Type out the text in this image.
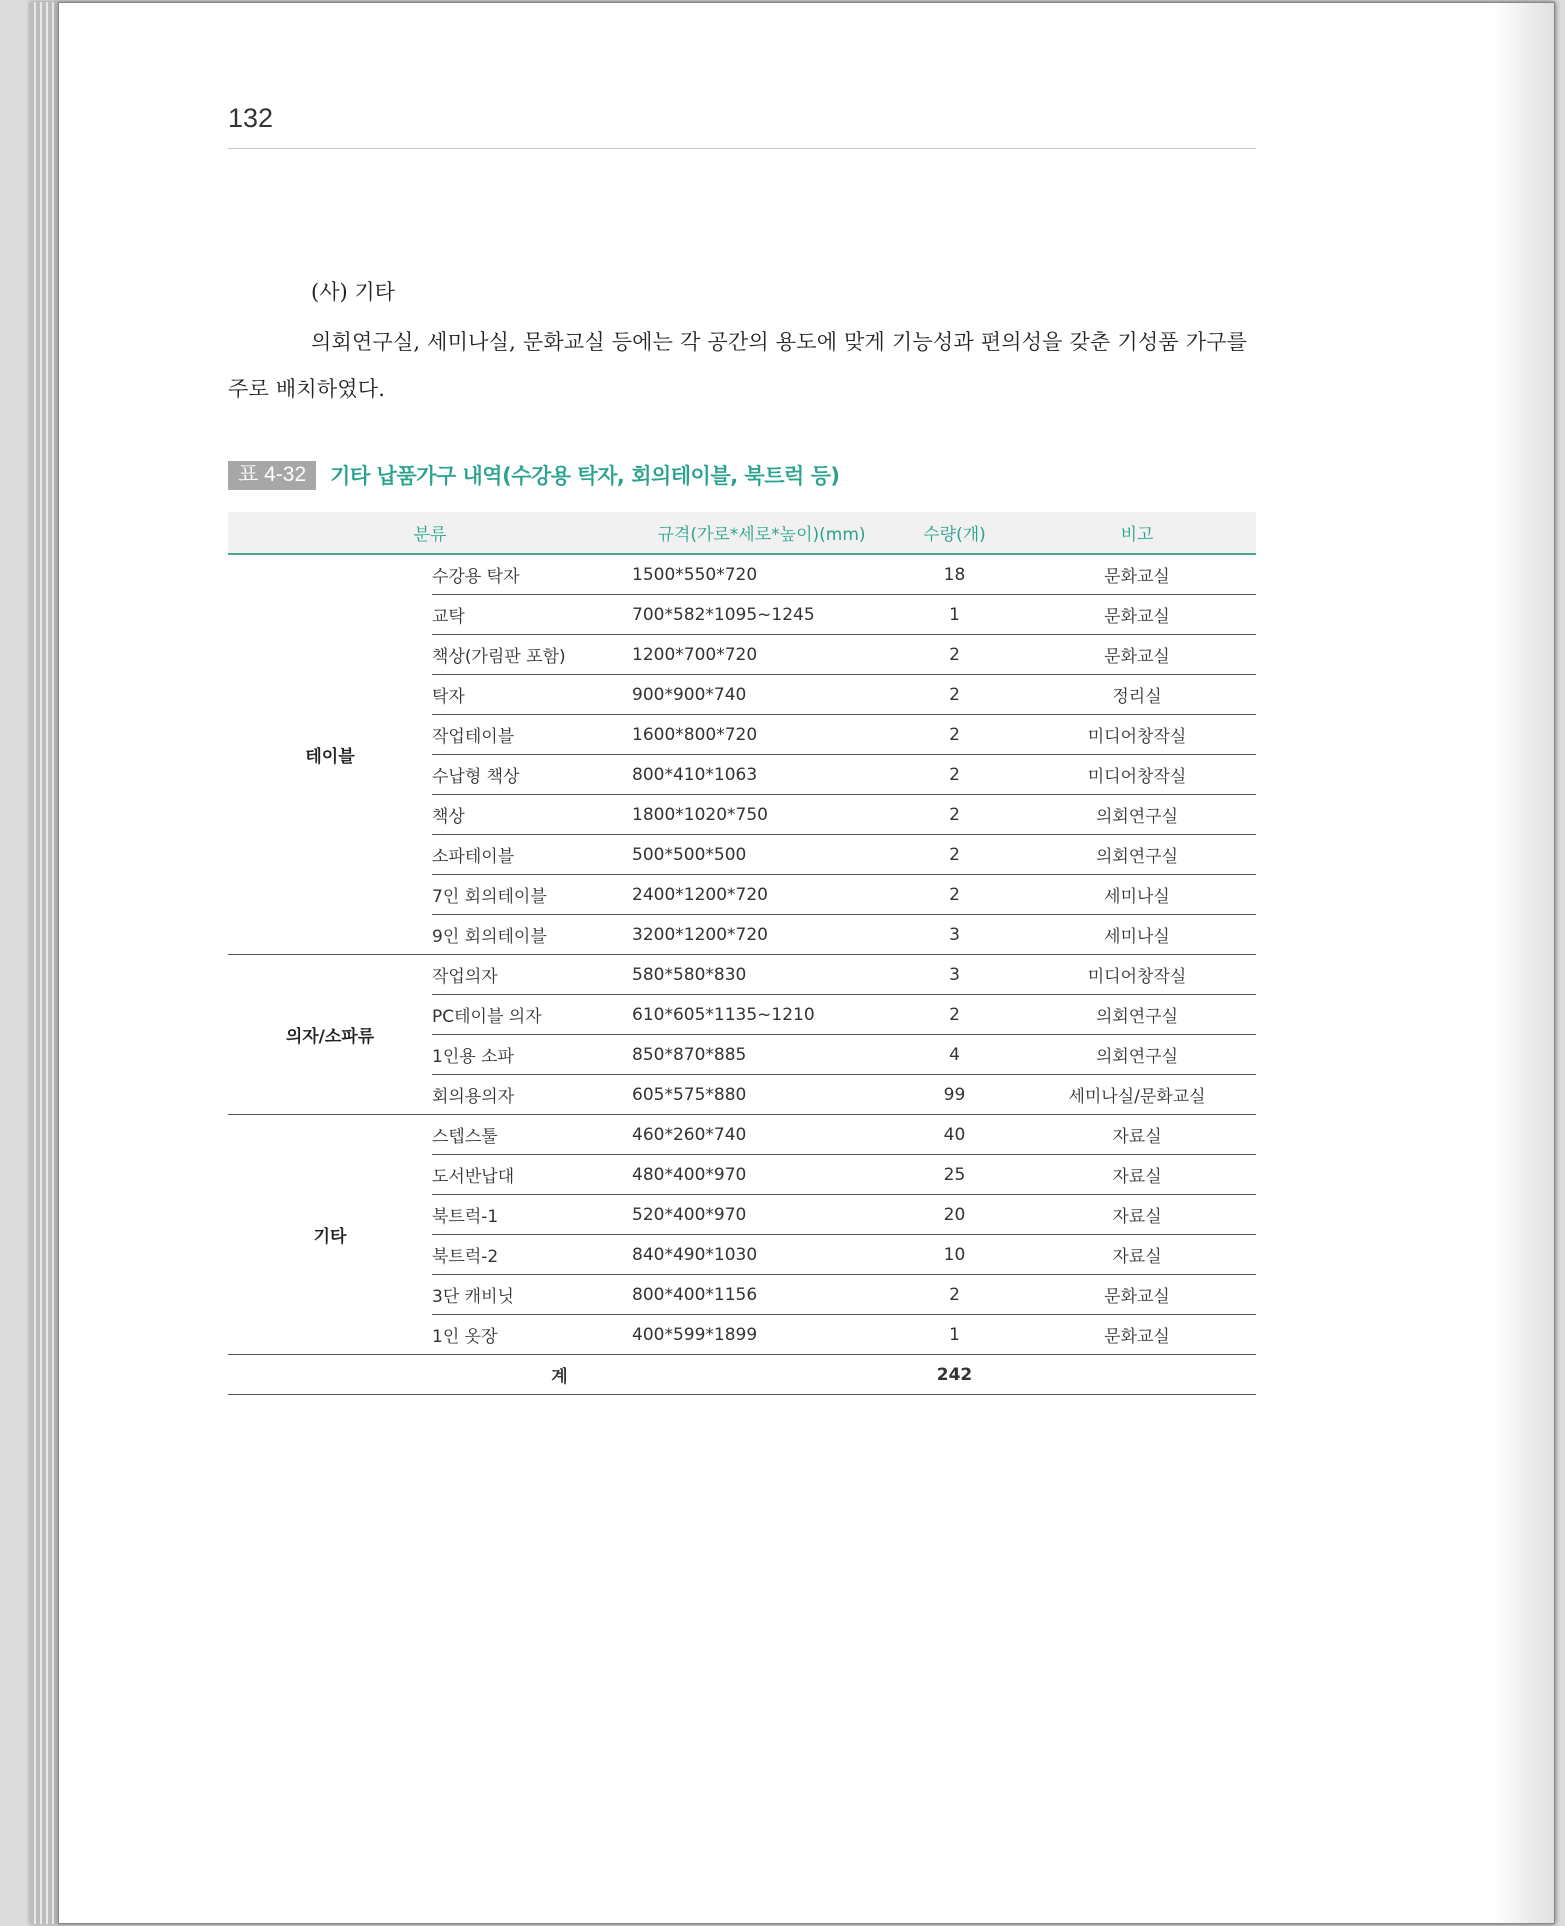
132
(사) 기타
의회연구실, 세미나실, 문화교실 등에는 각 공간의 용도에 맞게 기능성과 편의성을 갖춘 기성품 가구를 주로 배치하였다.
표 4-32	기타 납품가구 내역(수강용 탁자, 회의테이블, 북트럭 등)
분류		규격(가로*세로*높이)(mm)	수량(개)	비고
테이블	수강용 탁자	1500*550*720	18	문화교실
	교탁	700*582*1095~1245	1	문화교실
	책상(가림판 포함)	1200*700*720	2	문화교실
	탁자	900*900*740	2	정리실
	작업테이블	1600*800*720	2	미디어창작실
	수납형 책상	800*410*1063	2	미디어창작실
	책상	1800*1020*750	2	의회연구실
	소파테이블	500*500*500	2	의회연구실
	7인 회의테이블	2400*1200*720	2	세미나실
	9인 회의테이블	3200*1200*720	3	세미나실
의자/소파류	작업의자	580*580*830	3	미디어창작실
	PC테이블 의자	610*605*1135~1210	2	의회연구실
	1인용 소파	850*870*885	4	의회연구실
	회의용의자	605*575*880	99	세미나실/문화교실
기타	스텝스툴	460*260*740	40	자료실
	도서반납대	480*400*970	25	자료실
	북트럭-1	520*400*970	20	자료실
	북트럭-2	840*490*1030	10	자료실
	3단 캐비닛	800*400*1156	2	문화교실
	1인 옷장	400*599*1899	1	문화교실
계			242	
